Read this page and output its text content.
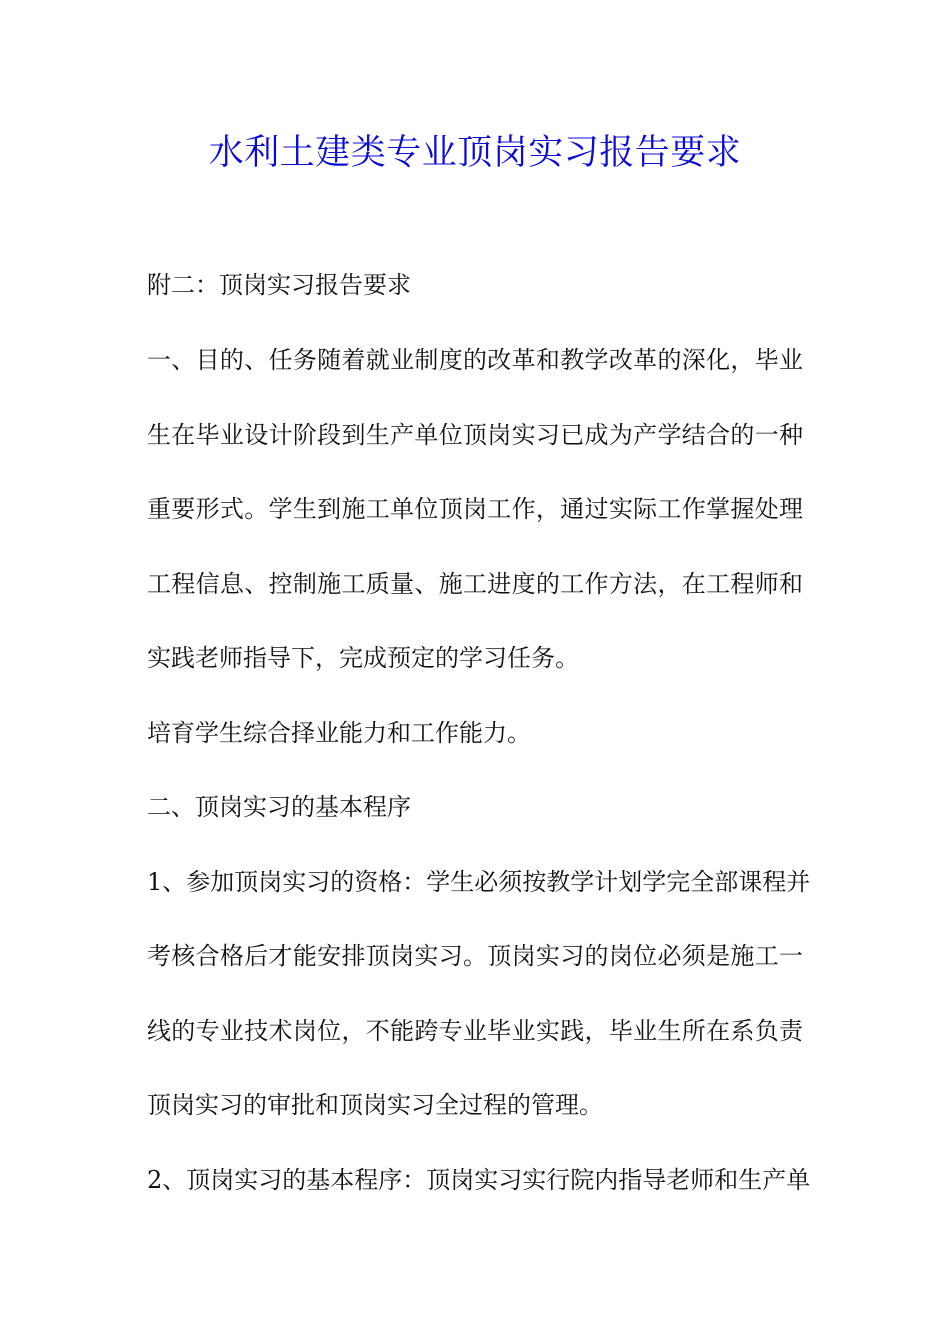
水利土建类专业顶岗实习报告要求
附二：顶岗实习报告要求
一、目的、任务随着就业制度的改革和教学改革的深化，毕业
生在毕业设计阶段到生产单位顶岗实习已成为产学结合的一种
重要形式。学生到施工单位顶岗工作，通过实际工作掌握处理
工程信息、控制施工质量、施工进度的工作方法，在工程师和
实践老师指导下，完成预定的学习任务。
培育学生综合择业能力和工作能力。
二、顶岗实习的基本程序
1、参加顶岗实习的资格：学生必须按教学计划学完全部课程并
考核合格后才能安排顶岗实习。顶岗实习的岗位必须是施工一
线的专业技术岗位，不能跨专业毕业实践，毕业生所在系负责
顶岗实习的审批和顶岗实习全过程的管理。
2、顶岗实习的基本程序：顶岗实习实行院内指导老师和生产单
